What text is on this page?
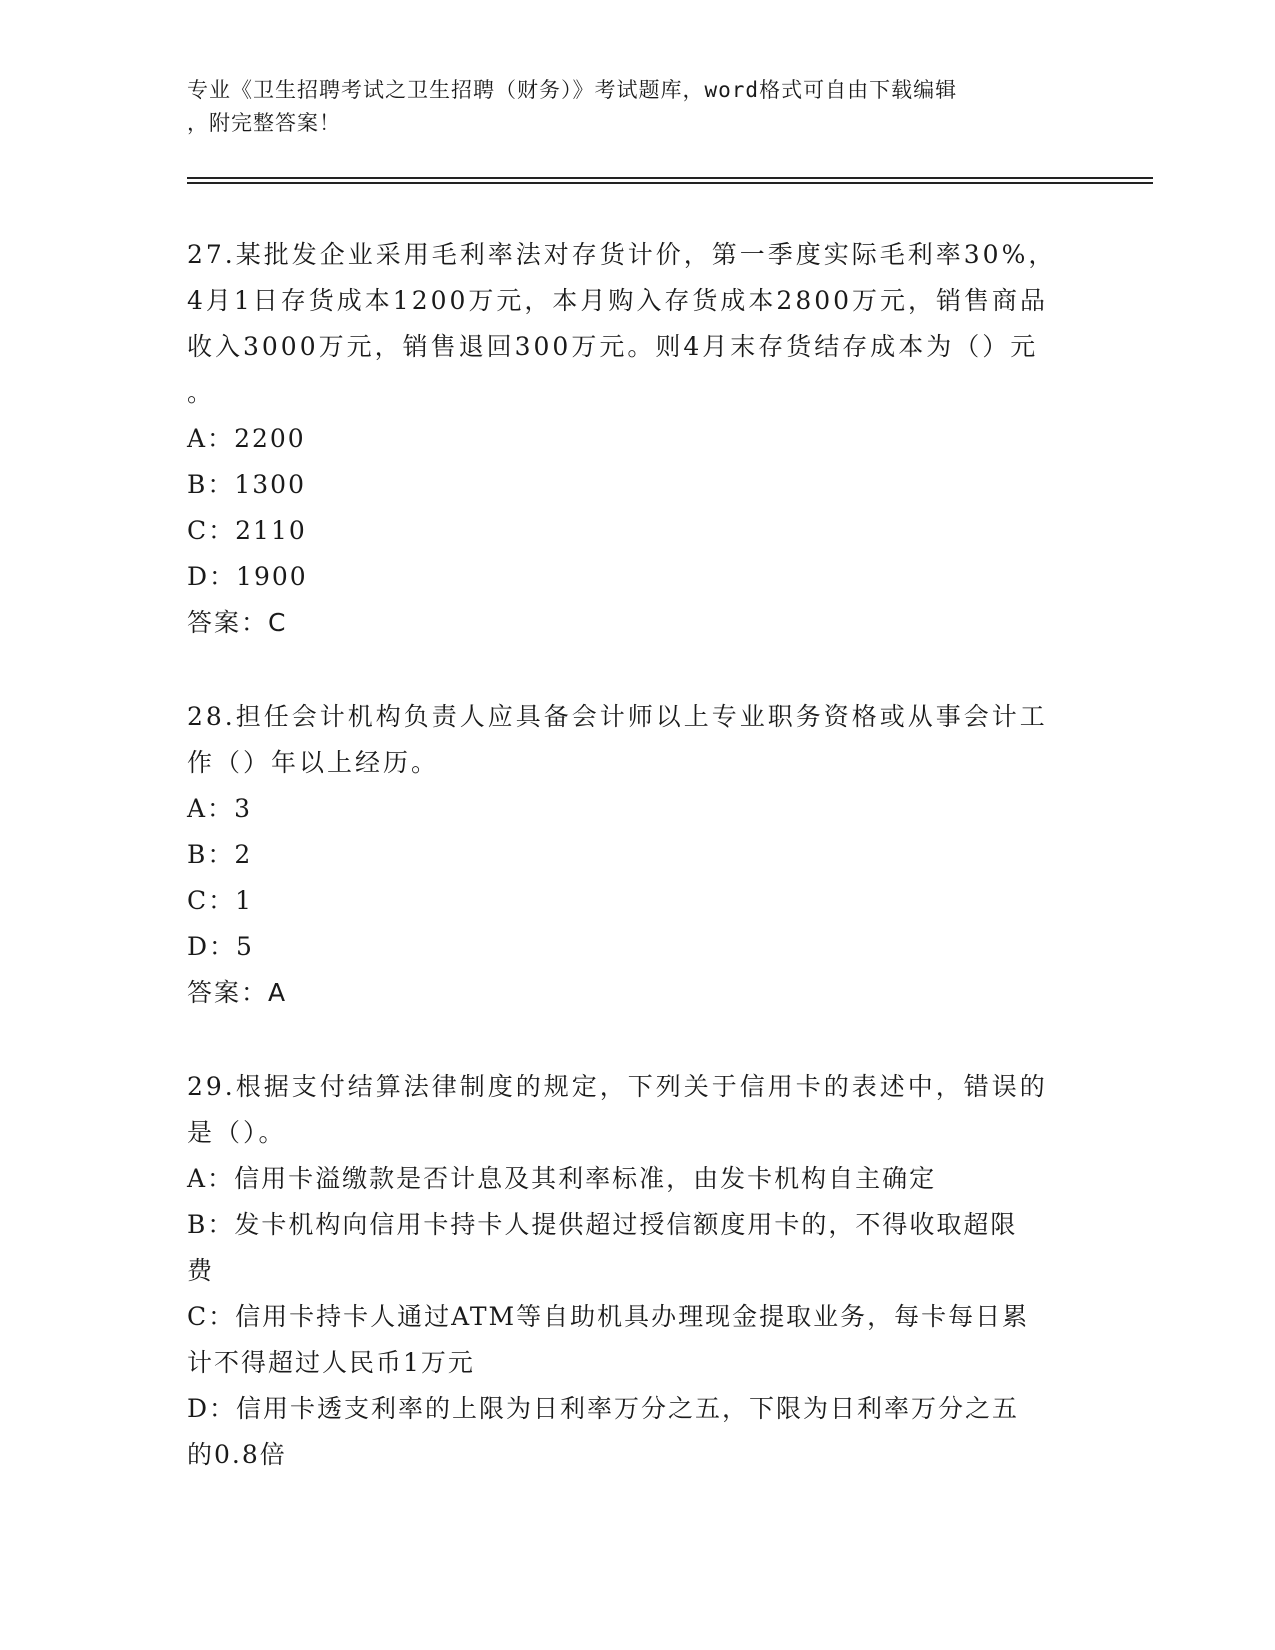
专业《卫生招聘考试之卫生招聘（财务）》考试题库，word格式可自由下载编辑
，附完整答案！
27.某批发企业采用毛利率法对存货计价，第一季度实际毛利率30%，
4月1日存货成本1200万元，本月购入存货成本2800万元，销售商品
收入3000万元，销售退回300万元。则4月末存货结存成本为（）元
。
A：2200
B：1300
C：2110
D：1900
答案：C
28.担任会计机构负责人应具备会计师以上专业职务资格或从事会计工
作（）年以上经历。
A：3
B：2
C：1
D：5
答案：A
29.根据支付结算法律制度的规定，下列关于信用卡的表述中，错误的
是（）。
A：信用卡溢缴款是否计息及其利率标准，由发卡机构自主确定
B：发卡机构向信用卡持卡人提供超过授信额度用卡的，不得收取超限
费
C：信用卡持卡人通过ATM等自助机具办理现金提取业务，每卡每日累
计不得超过人民币1万元
D：信用卡透支利率的上限为日利率万分之五，下限为日利率万分之五
的0.8倍
